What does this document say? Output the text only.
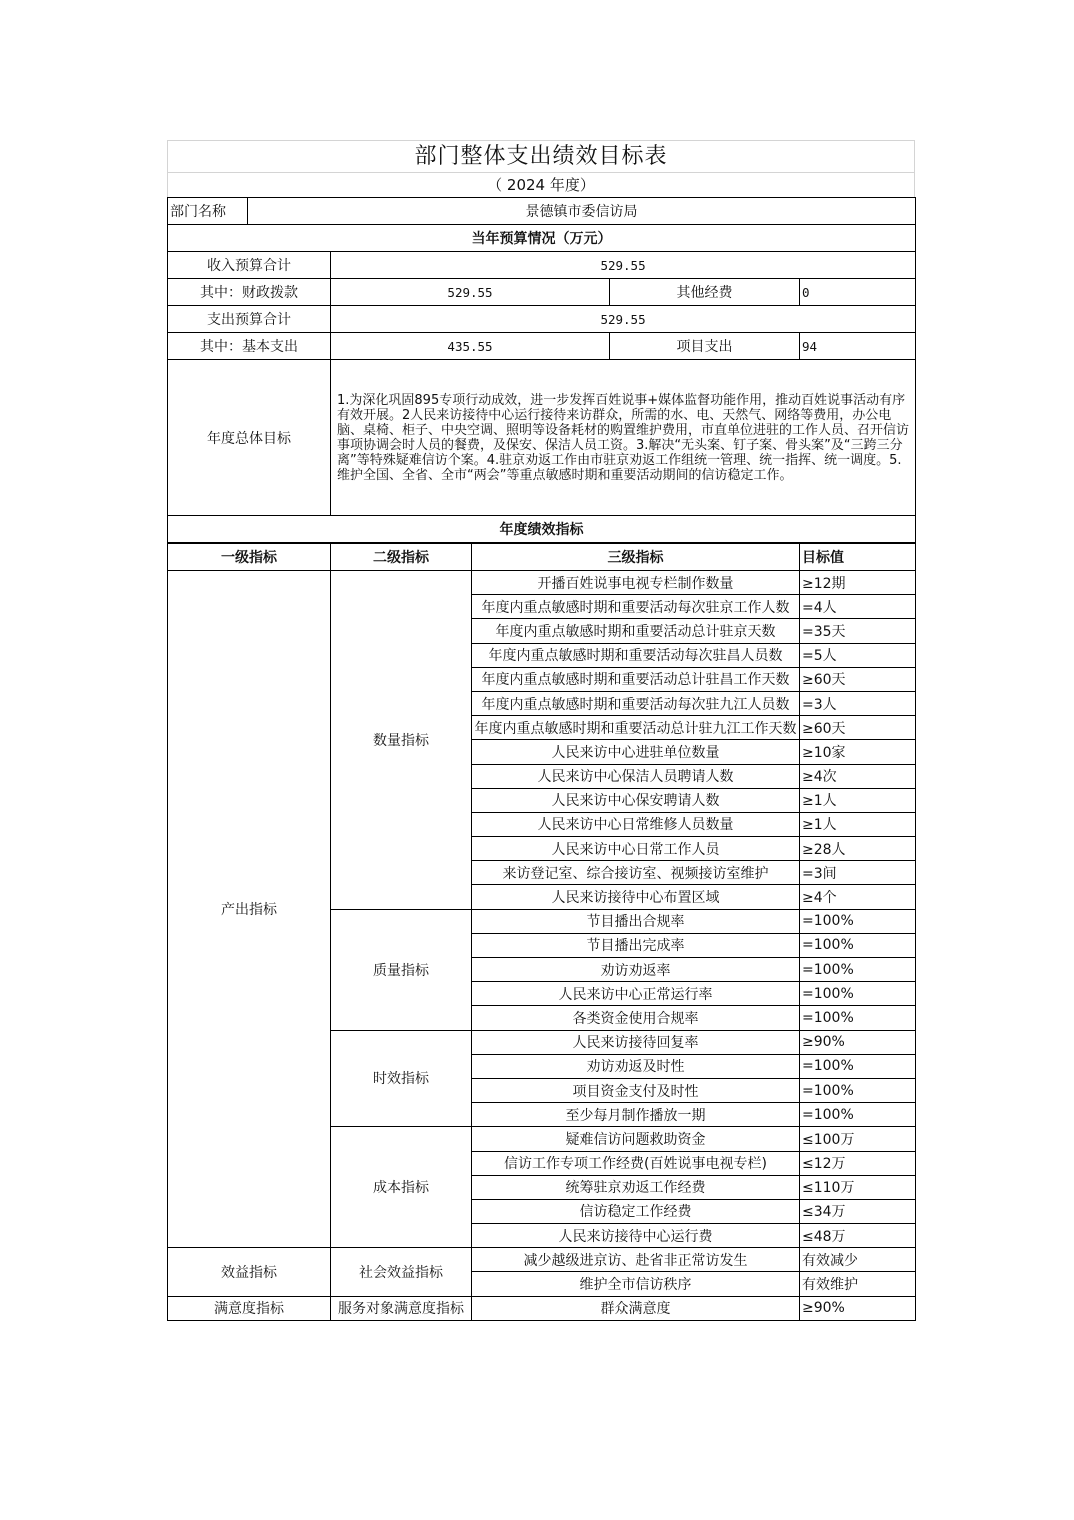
部门整体支出绩效目标表
（ 2024 年度）
部门名称	景德镇市委信访局			
当年预算情况（万元）				
收入预算合计		529.55		
其中：财政拨款		529.55	其他经费	0
支出预算合计		529.55		
其中：基本支出		435.55	项目支出	94
年度总体目标		1.为深化巩固895专项行动成效，进一步发挥百姓说事+媒体监督功能作用，推动百姓说事活动有序有效开展。2人民来访接待中心运行接待来访群众，所需的水、电、天然气、网络等费用，办公电脑、桌椅、柜子、中央空调、照明等设备耗材的购置维护费用，市直单位进驻的工作人员、召开信访事项协调会时人员的餐费，及保安、保洁人员工资。3.解决“无头案、钉子案、骨头案”及“三跨三分离”等特殊疑难信访个案。4.驻京劝返工作由市驻京劝返工作组统一管理、统一指挥、统一调度。5.维护全国、全省、全市“两会”等重点敏感时期和重要活动期间的信访稳定工作。		
年度绩效指标				
一级指标	二级指标	三级指标	目标值
产出指标	数量指标	开播百姓说事电视专栏制作数量	≥12期
		年度内重点敏感时期和重要活动每次驻京工作人数	=4人
		年度内重点敏感时期和重要活动总计驻京天数	=35天
		年度内重点敏感时期和重要活动每次驻昌人员数	=5人
		年度内重点敏感时期和重要活动总计驻昌工作天数	≥60天
		年度内重点敏感时期和重要活动每次驻九江人员数	=3人
		年度内重点敏感时期和重要活动总计驻九江工作天数	≥60天
		人民来访中心进驻单位数量	≥10家
		人民来访中心保洁人员聘请人数	≥4次
		人民来访中心保安聘请人数	≥1人
		人民来访中心日常维修人员数量	≥1人
		人民来访中心日常工作人员	≥28人
		来访登记室、综合接访室、视频接访室维护	=3间
		人民来访接待中心布置区域	≥4个
	质量指标	节目播出合规率	=100%
		节目播出完成率	=100%
		劝访劝返率	=100%
		人民来访中心正常运行率	=100%
		各类资金使用合规率	=100%
	时效指标	人民来访接待回复率	≥90%
		劝访劝返及时性	=100%
		项目资金支付及时性	=100%
		至少每月制作播放一期	=100%
	成本指标	疑难信访问题救助资金	≤100万
		信访工作专项工作经费(百姓说事电视专栏)	≤12万
		统筹驻京劝返工作经费	≤110万
		信访稳定工作经费	≤34万
		人民来访接待中心运行费	≤48万
效益指标	社会效益指标	减少越级进京访、赴省非正常访发生	有效减少
		维护全市信访秩序	有效维护
满意度指标	服务对象满意度指标	群众满意度	≥90%
